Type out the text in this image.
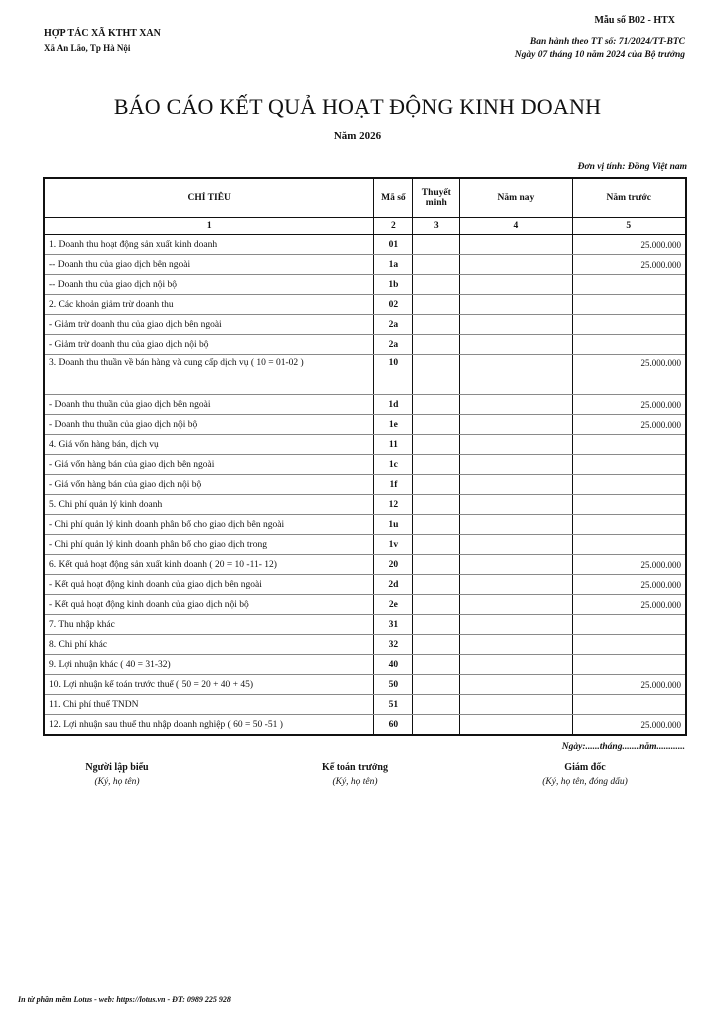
HỢP TÁC XÃ KTHT XAN
Xã An Lão, Tp Hà Nội
Mẫu số B02 - HTX
Ban hành theo TT số: 71/2024/TT-BTC
Ngày 07 tháng 10 năm 2024 của Bộ trưởng
BÁO CÁO KẾT QUẢ HOẠT ĐỘNG KINH DOANH
Năm 2026
Đơn vị tính: Đồng Việt nam
CHỈ TIÊU	Mã số	Thuyết minh	Năm nay	Năm trước
1	2	3	4	5
1. Doanh thu hoạt động sản xuất kinh doanh	01			25.000.000
-- Doanh thu của giao dịch bên ngoài	1a			25.000.000
-- Doanh thu của giao dịch nội bộ	1b			
2. Các khoản giảm trừ doanh thu	02			
- Giảm trừ doanh thu của giao dịch bên ngoài	2a			
- Giảm trừ doanh thu của giao dịch nội bộ	2a			
3. Doanh thu thuần về bán hàng và cung cấp dịch vụ ( 10 = 01-02 )	10			25.000.000
- Doanh thu thuần của giao dịch bên ngoài	1d			25.000.000
- Doanh thu thuần của giao dịch nội bộ	1e			25.000.000
4. Giá vốn hàng bán, dịch vụ	11			
- Giá vốn hàng bán của giao dịch bên ngoài	1c			
- Giá vốn hàng bán của giao dịch nội bộ	1f			
5. Chi phí quản lý kinh doanh	12			
- Chi phí quản lý kinh doanh phân bổ cho giao dịch bên ngoài	1u			
- Chi phí quản lý kinh doanh phân bổ cho giao dịch trong	1v			
6. Kết quả hoạt động sản xuất kinh doanh ( 20 = 10 -11- 12)	20			25.000.000
- Kết quả hoạt động kinh doanh của giao dịch bên ngoài	2d			25.000.000
- Kết quả hoạt động kinh doanh của giao dịch nội bộ	2e			25.000.000
7. Thu nhập khác	31			
8. Chi phí khác	32			
9. Lợi nhuận khác ( 40 = 31-32)	40			
10. Lợi nhuận kế toán trước thuế ( 50 = 20 + 40 + 45)	50			25.000.000
11. Chi phí thuế TNDN	51			
12. Lợi nhuận sau thuế thu nhập doanh nghiệp ( 60 = 50 -51 )	60			25.000.000
Ngày:......tháng.......năm............
Người lập biểu
(Ký, họ tên)
Kế toán trưởng
(Ký, họ tên)
Giám đốc
(Ký, họ tên, đóng dấu)
In từ phần mềm Lotus - web: https://lotus.vn - ĐT: 0989 225 928
